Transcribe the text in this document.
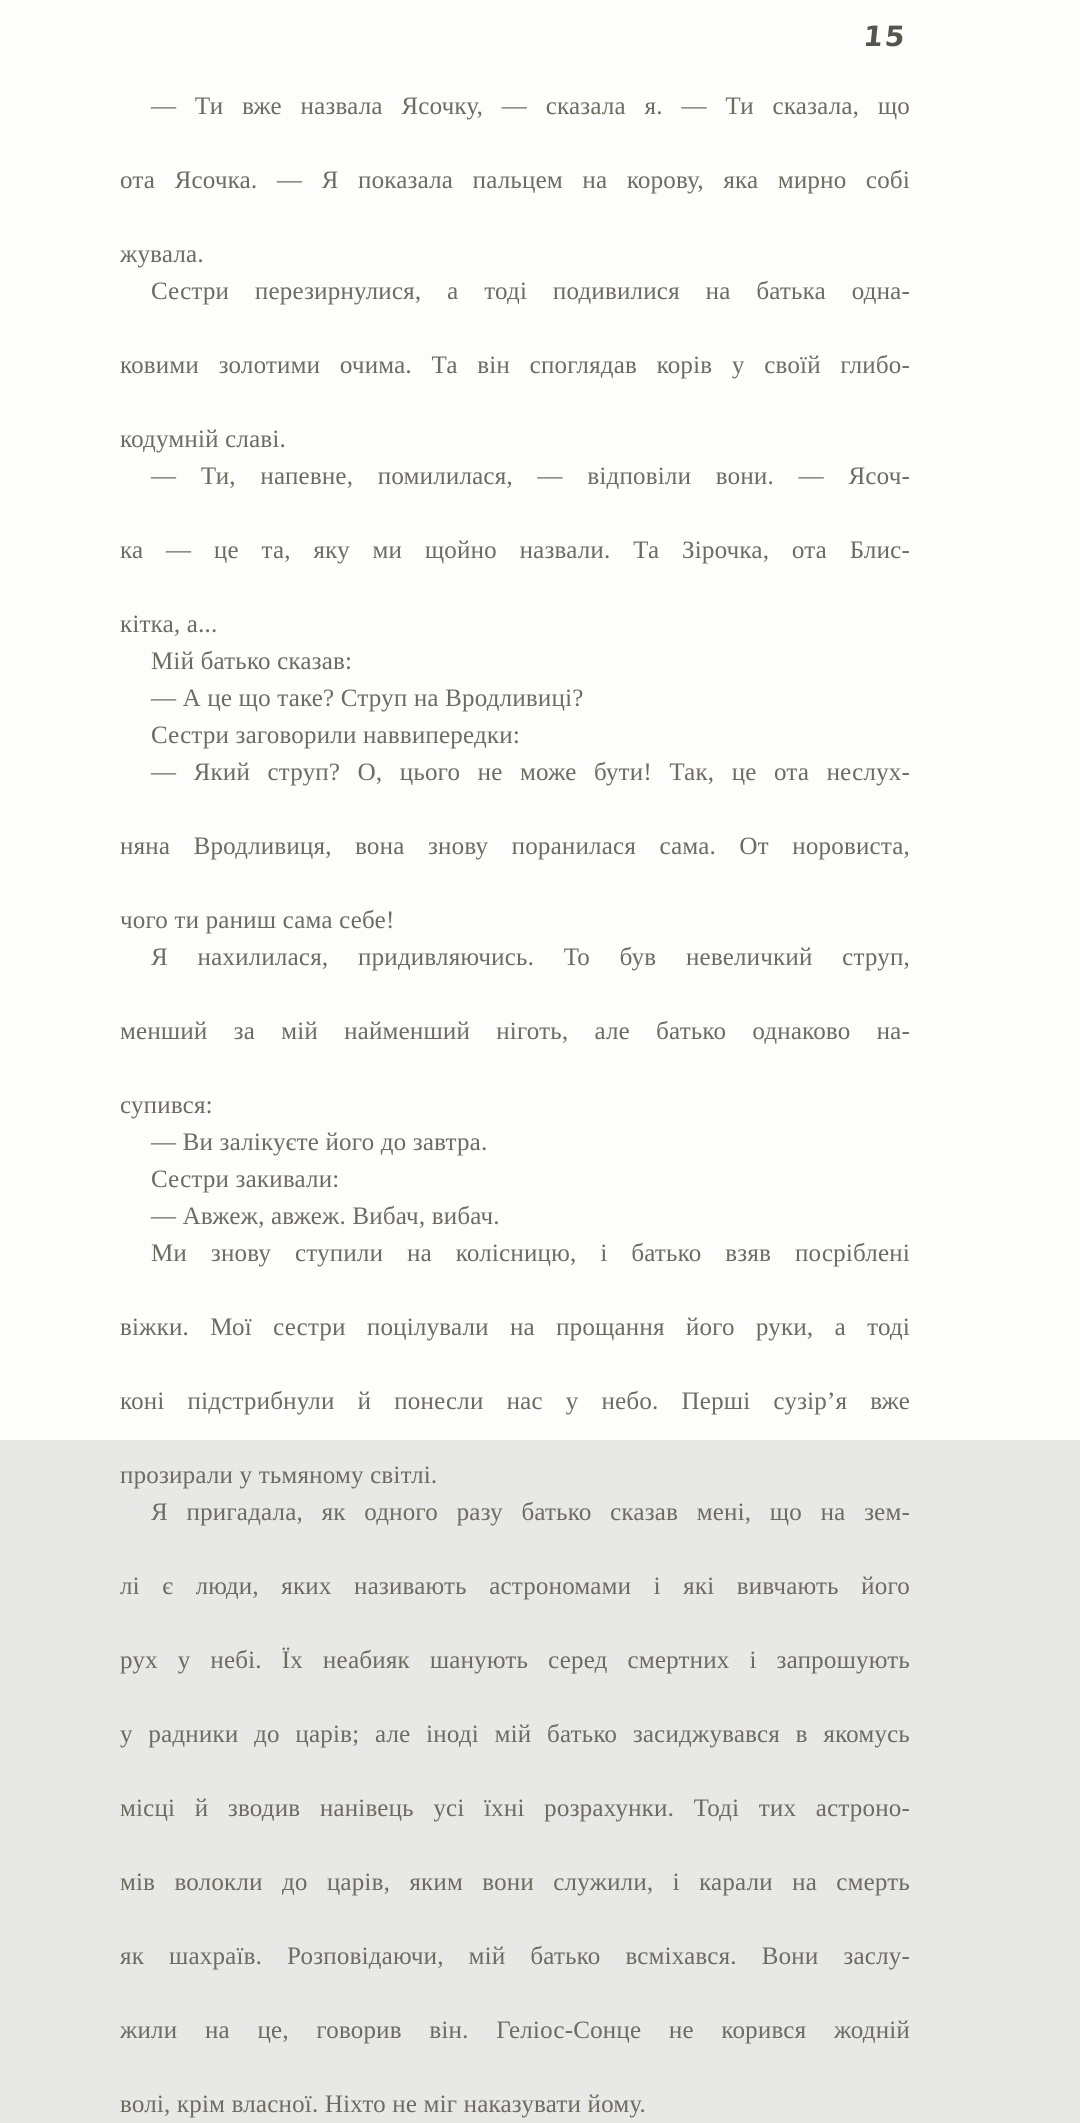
15
— Ти вже назвала Ясочку, — сказала я. — Ти сказала, що
ота Ясочка. — Я показала пальцем на корову, яка мирно собі
жувала.
Сестри перезирнулися, а тоді подивилися на батька одна-
ковими золотими очима. Та він споглядав корів у своїй глибо-
кодумній славі.
— Ти, напевне, помилилася, — відповіли вони. — Ясоч-
ка — це та, яку ми щойно назвали. Та Зірочка, ота Блис-
кітка, а...
Мій батько сказав:
— А це що таке? Струп на Вродливиці?
Сестри заговорили наввипередки:
— Який струп? О, цього не може бути! Так, це ота неслух-
няна Вродливиця, вона знову поранилася сама. От норовиста,
чого ти раниш сама себе!
Я нахилилася, придивляючись. То був невеличкий струп,
менший за мій найменший ніготь, але батько однаково на-
супився:
— Ви залікуєте його до завтра.
Сестри закивали:
— Авжеж, авжеж. Вибач, вибач.
Ми знову ступили на колісницю, і батько взяв посріблені
віжки. Мої сестри поцілували на прощання його руки, а тоді
коні підстрибнули й понесли нас у небо. Перші сузір’я вже
прозирали у тьмяному світлі.
Я пригадала, як одного разу батько сказав мені, що на зем-
лі є люди, яких називають астрономами і які вивчають його
рух у небі. Їх неабияк шанують серед смертних і запрошують
у радники до царів; але іноді мій батько засиджувався в якомусь
місці й зводив нанівець усі їхні розрахунки. Тоді тих астроно-
мів волокли до царів, яким вони служили, і карали на смерть
як шахраїв. Розповідаючи, мій батько всміхався. Вони заслу-
жили на це, говорив він. Геліос-Сонце не корився жодній
волі, крім власної. Ніхто не міг наказувати йому.
